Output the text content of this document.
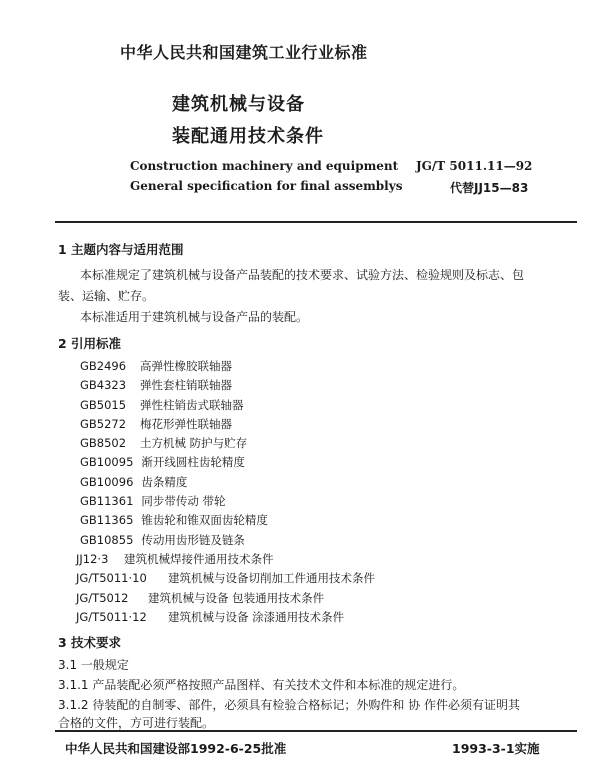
中华人民共和国建筑工业行业标准
建筑机械与设备
装配通用技术条件
Construction machinery and equipment
General specification for final assemblys
JG/T 5011.11—92
代替JJ15—83
1 主题内容与适用范围
本标准规定了建筑机械与设备产品装配的技术要求、试验方法、检验规则及标志、包
装、运输、贮存。
本标准适用于建筑机械与设备产品的装配。
2 引用标准
GB2496 高弹性橡胶联轴器
GB4323 弹性套柱销联轴器
GB5015 弹性柱销齿式联轴器
GB5272 梅花形弹性联轴器
GB8502 土方机械 防护与贮存
GB10095 渐开线圆柱齿轮精度
GB10096 齿条精度
GB11361 同步带传动 带轮
GB11365 锥齿轮和锥双面齿轮精度
GB10855 传动用齿形链及链条
JJ12·3 建筑机械焊接件通用技术条件
JG/T5011·10 建筑机械与设备切削加工件通用技术条件
JG/T5012 建筑机械与设备 包装通用技术条件
JG/T5011·12 建筑机械与设备 涂漆通用技术条件
3 技术要求
3.1 一般规定
3.1.1 产品装配必须严格按照产品图样、有关技术文件和本标准的规定进行。
3.1.2 待装配的自制零、部件，必须具有检验合格标记；外购件和 协 作件必须有证明其
合格的文件，方可进行装配。
中华人民共和国建设部1992-6-25批准	1993-3-1实施
